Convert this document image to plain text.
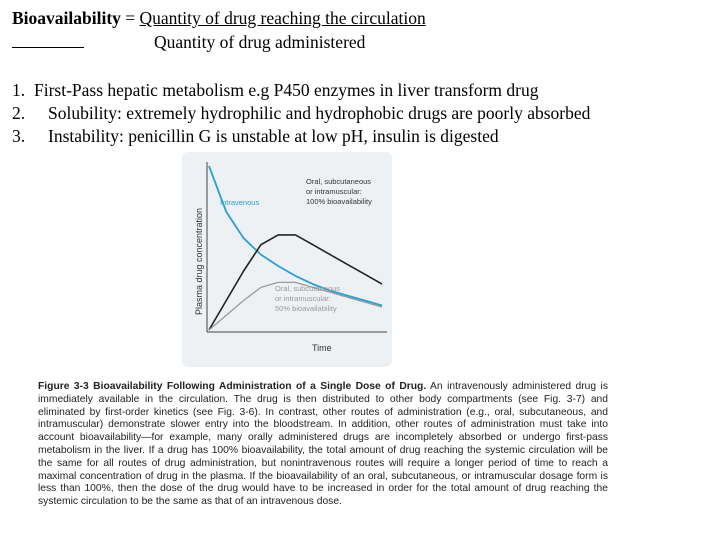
Bioavailability = Quantity of drug reaching the circulation
Quantity of drug administered
1. First-Pass hepatic metabolism e.g P450 enzymes in liver transform drug
2. Solubility: extremely hydrophilic and hydrophobic drugs are poorly absorbed
3. Instability: penicillin G is unstable at low pH, insulin is digested
Plasma drug concentration
Time
Intravenous
Oral, subcutaneous
or intramuscular:
100% bioavailability
Oral, subcutaneous
or intramuscular:
50% bioavailability
Figure 3-3 Bioavailability Following Administration of a Single Dose of Drug. An intravenously administered drug is immediately available in the circulation. The drug is then distributed to other body compartments (see Fig. 3-7) and eliminated by first-order kinetics (see Fig. 3-6). In contrast, other routes of administration (e.g., oral, subcutaneous, and intramuscular) demonstrate slower entry into the bloodstream. In addition, other routes of administration must take into account bioavailability—for example, many orally administered drugs are incompletely absorbed or undergo first-pass metabolism in the liver. If a drug has 100% bioavailability, the total amount of drug reaching the systemic circulation will be the same for all routes of drug administration, but nonintravenous routes will require a longer period of time to reach a maximal concentration of drug in the plasma. If the bioavailability of an oral, subcutaneous, or intramuscular dosage form is less than 100%, then the dose of the drug would have to be increased in order for the total amount of drug reaching the systemic circulation to be the same as that of an intravenous dose.
